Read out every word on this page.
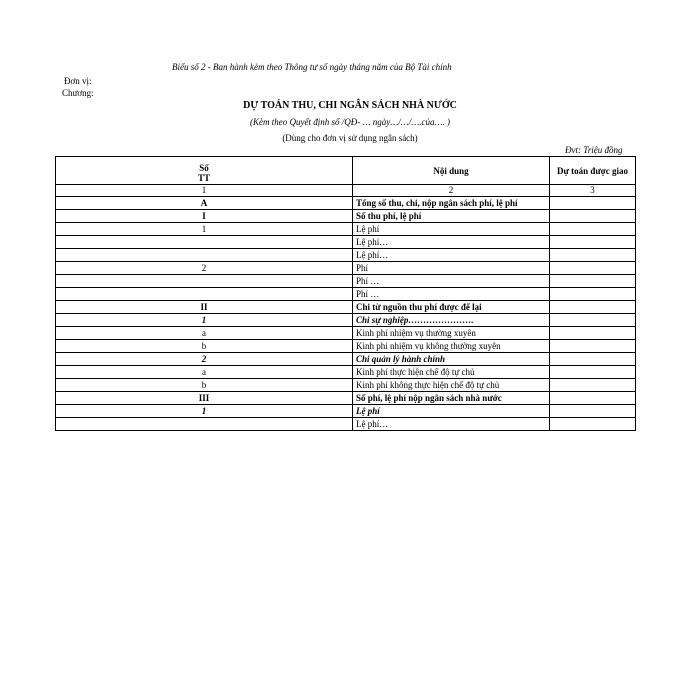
Biểu số 2 - Ban hành kèm theo Thông tư số ngày tháng năm của Bộ Tài chính
Đơn vị:
Chương:
DỰ TOÁN THU, CHI NGÂN SÁCH NHÀ NƯỚC
(Kèm theo Quyết định số /QĐ- … ngày…/…/….của…. )
(Dùng cho đơn vị sử dụng ngân sách)
Đvt: Triệu đồng
Số
TT	Nội dung	Dự toán được giao
1	2	3
A	Tổng số thu, chi, nộp ngân sách phí, lệ phí	
I	Số thu phí, lệ phí	
1	Lệ phí	
	Lệ phí…	
	Lệ phí…	
2	Phí	
	Phí …	
	Phí …	
II	Chi từ nguồn thu phí được để lại	
1	Chi sự nghiệp………………….	
a	Kinh phí nhiệm vụ thường xuyên	
b	Kinh phí nhiệm vụ không thường xuyên	
2	Chi quản lý hành chính	
a	Kinh phí thực hiện chế độ tự chủ	
b	Kinh phí không thực hiện chế độ tự chủ	
III	Số phí, lệ phí nộp ngân sách nhà nước	
1	Lệ phí	
	Lệ phí…	
